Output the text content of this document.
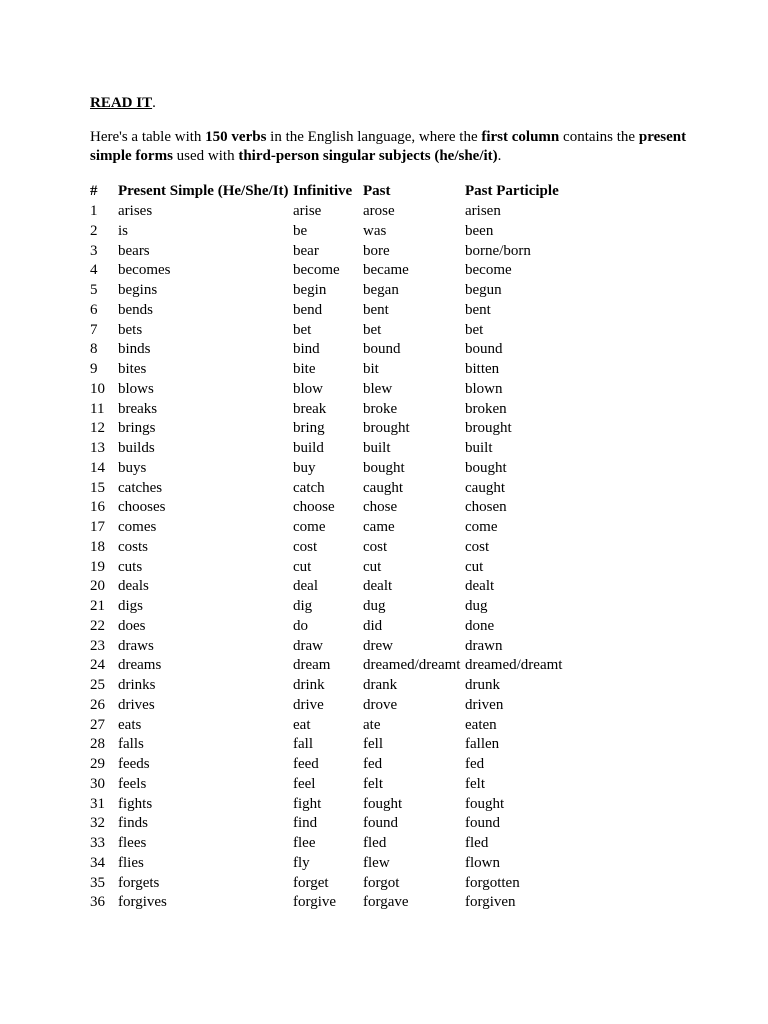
READ IT.

Here's a table with 150 verbs in the English language, where the first column contains the present simple forms used with third-person singular subjects (he/she/it).

#	Present Simple (He/She/It)	Infinitive	Past	Past Participle
1	arises	arise	arose	arisen
2	is	be	was	been
3	bears	bear	bore	borne/born
4	becomes	become	became	become
5	begins	begin	began	begun
6	bends	bend	bent	bent
7	bets	bet	bet	bet
8	binds	bind	bound	bound
9	bites	bite	bit	bitten
10	blows	blow	blew	blown
11	breaks	break	broke	broken
12	brings	bring	brought	brought
13	builds	build	built	built
14	buys	buy	bought	bought
15	catches	catch	caught	caught
16	chooses	choose	chose	chosen
17	comes	come	came	come
18	costs	cost	cost	cost
19	cuts	cut	cut	cut
20	deals	deal	dealt	dealt
21	digs	dig	dug	dug
22	does	do	did	done
23	draws	draw	drew	drawn
24	dreams	dream	dreamed/dreamt	dreamed/dreamt
25	drinks	drink	drank	drunk
26	drives	drive	drove	driven
27	eats	eat	ate	eaten
28	falls	fall	fell	fallen
29	feeds	feed	fed	fed
30	feels	feel	felt	felt
31	fights	fight	fought	fought
32	finds	find	found	found
33	flees	flee	fled	fled
34	flies	fly	flew	flown
35	forgets	forget	forgot	forgotten
36	forgives	forgive	forgave	forgiven
